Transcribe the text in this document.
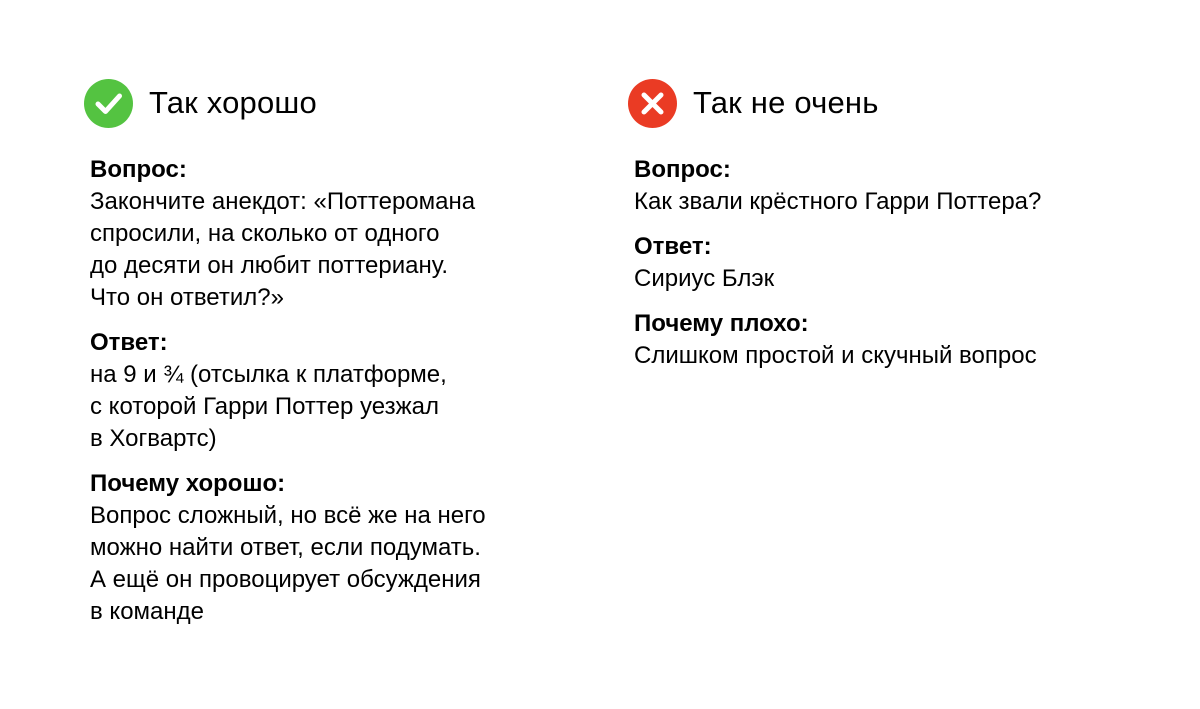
Так хорошо
Вопрос:
Закончите анекдот: «Поттеромана
спросили, на сколько от одного
до десяти он любит поттериану.
Что он ответил?»
Ответ:
на 9 и ¾ (отсылка к платформе,
с которой Гарри Поттер уезжал
в Хогвартс)
Почему хорошо:
Вопрос сложный, но всё же на него
можно найти ответ, если подумать.
А ещё он провоцирует обсуждения
в команде
Так не очень
Вопрос:
Как звали крёстного Гарри Поттера?
Ответ:
Сириус Блэк
Почему плохо:
Слишком простой и скучный вопрос
